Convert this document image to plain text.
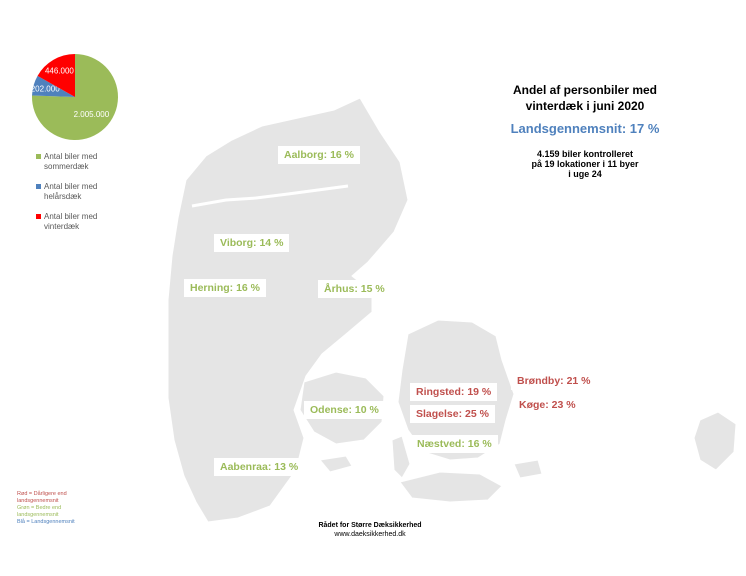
2.005.000
202.000
446.000
Antal biler med
sommerdæk
Antal biler med
helårsdæk
Antal biler med
vinterdæk
Andel af personbiler med
vinterdæk i juni 2020
Landsgennemsnit: 17 %
4.159 biler kontrolleret
på 19 lokationer i 11 byer
i uge 24
Aalborg: 16 %
Viborg: 14 %
Herning: 16 %	Århus: 15 %
Odense: 10 %
Aabenraa: 13 %
Næstved: 16 %
Ringsted: 19 %
Slagelse: 25 %
Brøndby: 21 %
Køge: 23 %
Rød = Dårligere end
landsgennemsnit
Grøn = Bedre end
landsgennemsnit
Blå = Landsgennemsnit	Rådet for Større Dæksikkerhed
www.daeksikkerhed.dk
